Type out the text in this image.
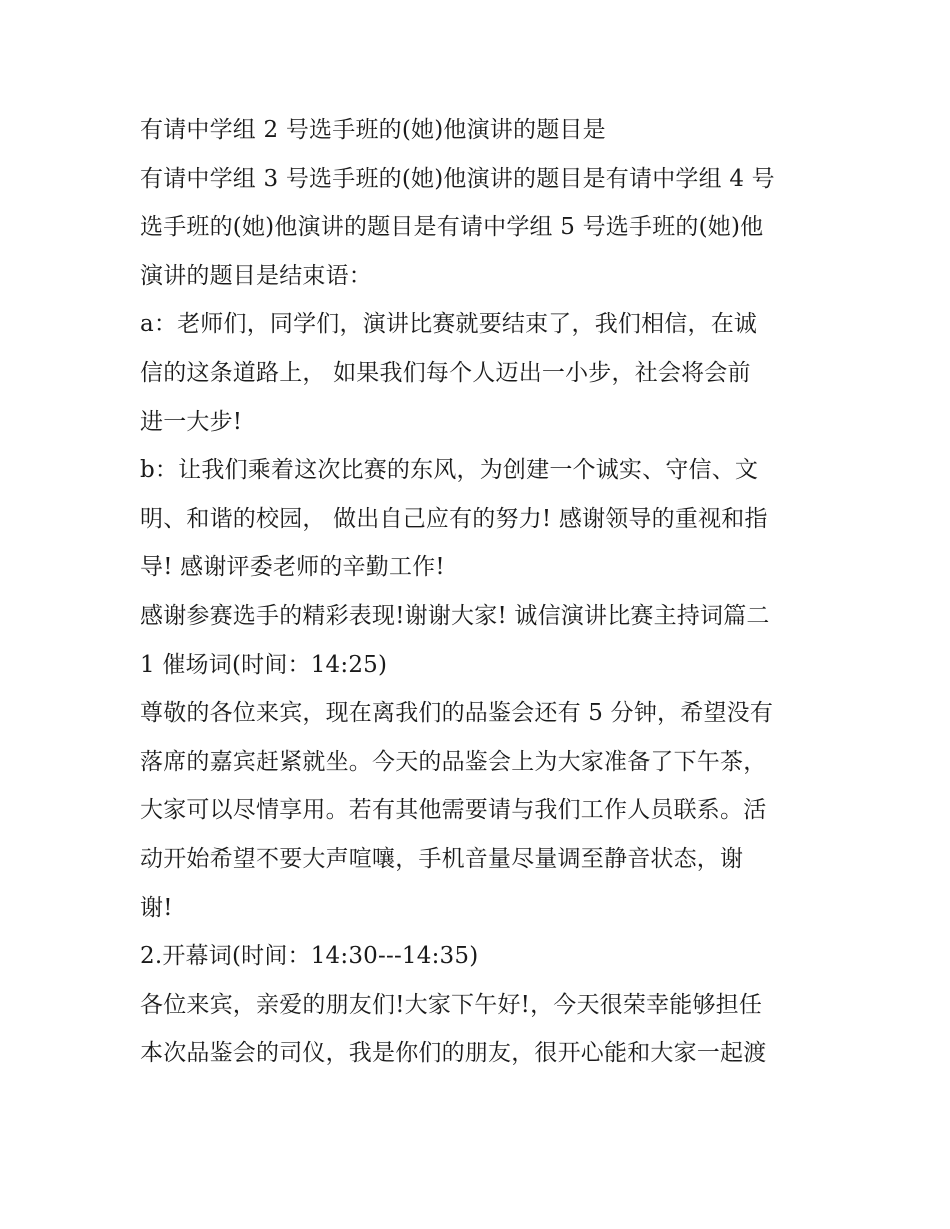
有请中学组 2 号选手班的(她)他演讲的题目是
有请中学组 3 号选手班的(她)他演讲的题目是有请中学组 4 号
选手班的(她)他演讲的题目是有请中学组 5 号选手班的(她)他
演讲的题目是结束语：
a：老师们，同学们，演讲比赛就要结束了，我们相信，在诚
信的这条道路上， 如果我们每个人迈出一小步，社会将会前
进一大步!
b：让我们乘着这次比赛的东风，为创建一个诚实、守信、文
明、和谐的校园， 做出自己应有的努力! 感谢领导的重视和指
导! 感谢评委老师的辛勤工作!
感谢参赛选手的精彩表现!谢谢大家! 诚信演讲比赛主持词篇二
1 催场词(时间：14:25)
尊敬的各位来宾，现在离我们的品鉴会还有 5 分钟，希望没有
落席的嘉宾赶紧就坐。今天的品鉴会上为大家准备了下午茶，
大家可以尽情享用。若有其他需要请与我们工作人员联系。活
动开始希望不要大声喧嚷，手机音量尽量调至静音状态，谢
谢!
2.开幕词(时间：14:30---14:35)
各位来宾，亲爱的朋友们!大家下午好!，今天很荣幸能够担任
本次品鉴会的司仪，我是你们的朋友，很开心能和大家一起渡
